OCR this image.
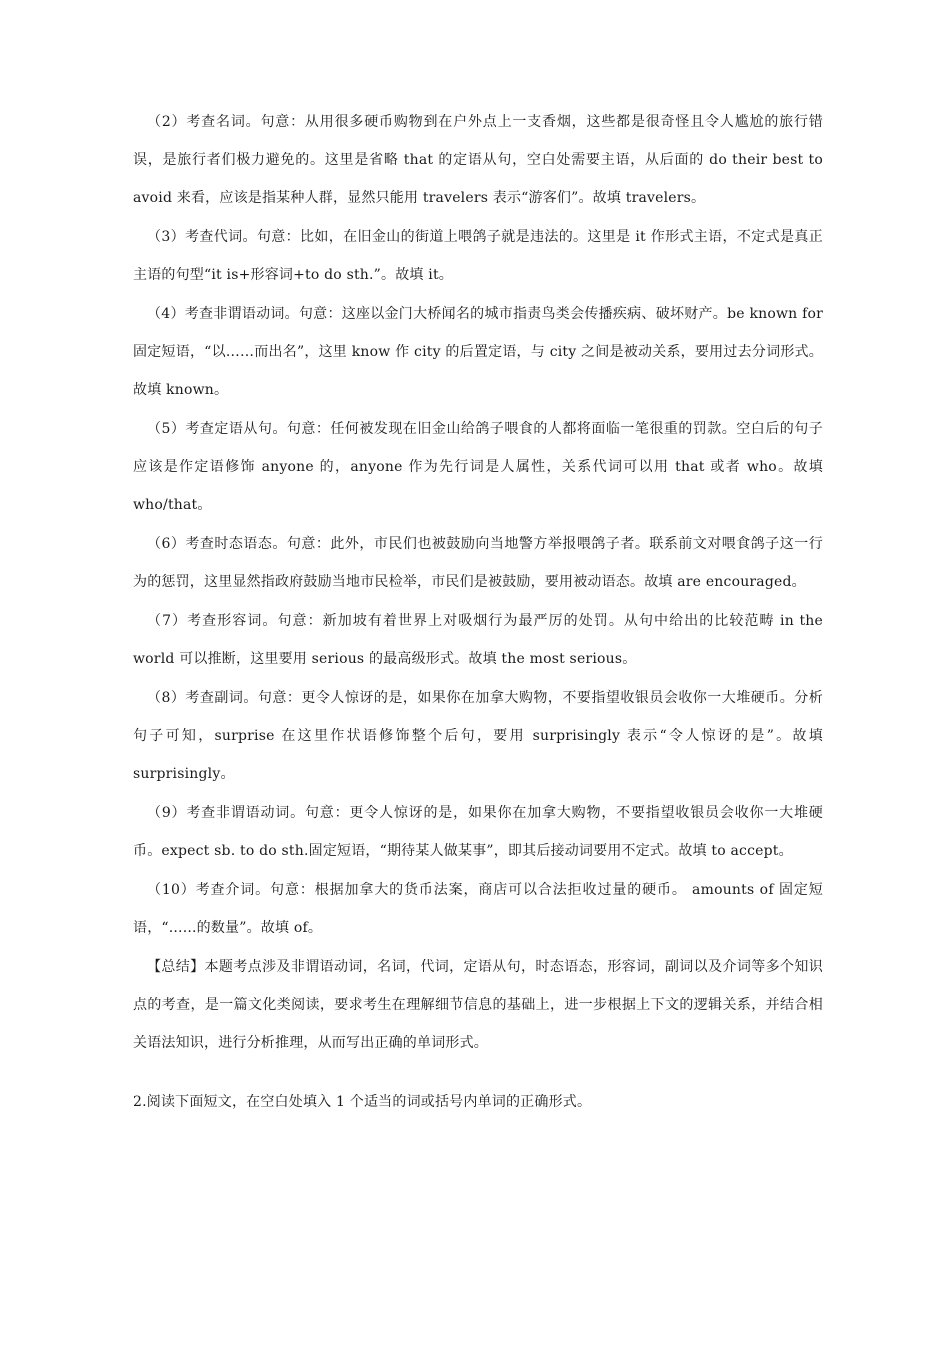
（2）考查名词。句意：从用很多硬币购物到在户外点上一支香烟，这些都是很奇怪且令人尴尬的旅行错误，是旅行者们极力避免的。这里是省略 that 的定语从句，空白处需要主语，从后面的 do their best to avoid 来看，应该是指某种人群，显然只能用 travelers 表示“游客们”。故填 travelers。

（3）考查代词。句意：比如，在旧金山的街道上喂鸽子就是违法的。这里是 it 作形式主语，不定式是真正主语的句型“it is+形容词+to do sth.”。故填 it。

（4）考查非谓语动词。句意：这座以金门大桥闻名的城市指责鸟类会传播疾病、破坏财产。be known for 固定短语，“以……而出名”，这里 know 作 city 的后置定语，与 city 之间是被动关系，要用过去分词形式。故填 known。

（5）考查定语从句。句意：任何被发现在旧金山给鸽子喂食的人都将面临一笔很重的罚款。空白后的句子应该是作定语修饰 anyone 的，anyone 作为先行词是人属性，关系代词可以用 that 或者 who。故填 who/that。

（6）考查时态语态。句意：此外，市民们也被鼓励向当地警方举报喂鸽子者。联系前文对喂食鸽子这一行为的惩罚，这里显然指政府鼓励当地市民检举，市民们是被鼓励，要用被动语态。故填 are encouraged。

（7）考查形容词。句意：新加坡有着世界上对吸烟行为最严厉的处罚。从句中给出的比较范畴 in the world 可以推断，这里要用 serious 的最高级形式。故填 the most serious。

（8）考查副词。句意：更令人惊讶的是，如果你在加拿大购物，不要指望收银员会收你一大堆硬币。分析句子可知，surprise 在这里作状语修饰整个后句，要用 surprisingly 表示“令人惊讶的是”。故填 surprisingly。

（9）考查非谓语动词。句意：更令人惊讶的是，如果你在加拿大购物，不要指望收银员会收你一大堆硬币。expect sb. to do sth.固定短语，“期待某人做某事”，即其后接动词要用不定式。故填 to accept。

（10）考查介词。句意：根据加拿大的货币法案，商店可以合法拒收过量的硬币。 amounts of 固定短语，“......的数量”。故填 of。

【总结】本题考点涉及非谓语动词，名词，代词，定语从句，时态语态，形容词，副词以及介词等多个知识点的考查，是一篇文化类阅读，要求考生在理解细节信息的基础上，进一步根据上下文的逻辑关系，并结合相关语法知识，进行分析推理，从而写出正确的单词形式。

2.阅读下面短文，在空白处填入 1 个适当的词或括号内单词的正确形式。
